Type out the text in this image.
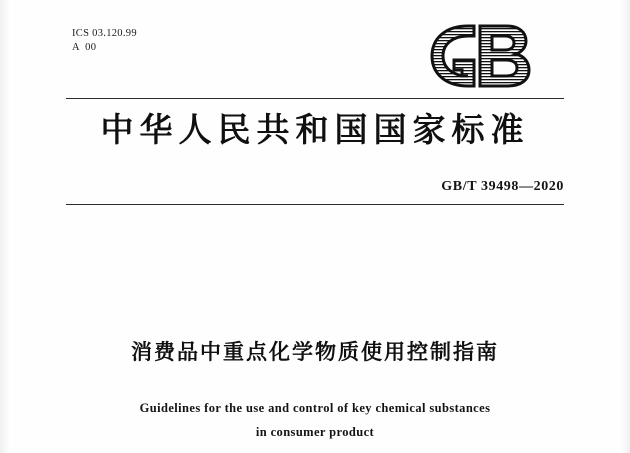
ICS 03.120.99
A  00
中华人民共和国国家标准
GB/T 39498—2020
消费品中重点化学物质使用控制指南
Guidelines for the use and control of key chemical substances
in consumer product
